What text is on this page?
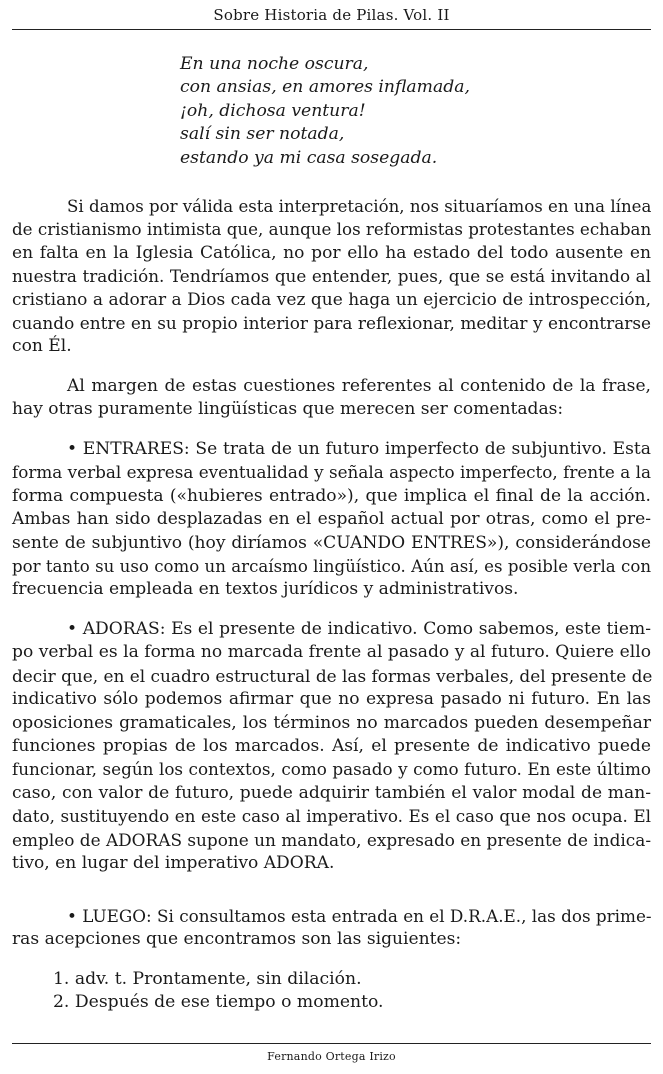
Sobre Historia de Pilas. Vol. II
En una noche oscura,
con ansias, en amores inflamada,
¡oh, dichosa ventura!
salí sin ser notada,
estando ya mi casa sosegada.
Si damos por válida esta interpretación, nos situaríamos en una línea
de cristianismo intimista que, aunque los reformistas protestantes echaban
en falta en la Iglesia Católica, no por ello ha estado del todo ausente en
nuestra tradición. Tendríamos que entender, pues, que se está invitando al
cristiano a adorar a Dios cada vez que haga un ejercicio de introspección,
cuando entre en su propio interior para reflexionar, meditar y encontrarse
con Él.
Al margen de estas cuestiones referentes al contenido de la frase,
hay otras puramente lingüísticas que merecen ser comentadas:
• ENTRARES: Se trata de un futuro imperfecto de subjuntivo. Esta
forma verbal expresa eventualidad y señala aspecto imperfecto, frente a la
forma compuesta («hubieres entrado»), que implica el final de la acción.
Ambas han sido desplazadas en el español actual por otras, como el pre-
sente de subjuntivo (hoy diríamos «CUANDO ENTRES»), considerándose
por tanto su uso como un arcaísmo lingüístico. Aún así, es posible verla con
frecuencia empleada en textos jurídicos y administrativos.
• ADORAS: Es el presente de indicativo. Como sabemos, este tiem-
po verbal es la forma no marcada frente al pasado y al futuro. Quiere ello
decir que, en el cuadro estructural de las formas verbales, del presente de
indicativo sólo podemos afirmar que no expresa pasado ni futuro. En las
oposiciones gramaticales, los términos no marcados pueden desempeñar
funciones propias de los marcados. Así, el presente de indicativo puede
funcionar, según los contextos, como pasado y como futuro. En este último
caso, con valor de futuro, puede adquirir también el valor modal de man-
dato, sustituyendo en este caso al imperativo. Es el caso que nos ocupa. El
empleo de ADORAS supone un mandato, expresado en presente de indica-
tivo, en lugar del imperativo ADORA.
• LUEGO: Si consultamos esta entrada en el D.R.A.E., las dos prime-
ras acepciones que encontramos son las siguientes:
1. adv. t. Prontamente, sin dilación.
2. Después de ese tiempo o momento.
Fernando Ortega Irizo
